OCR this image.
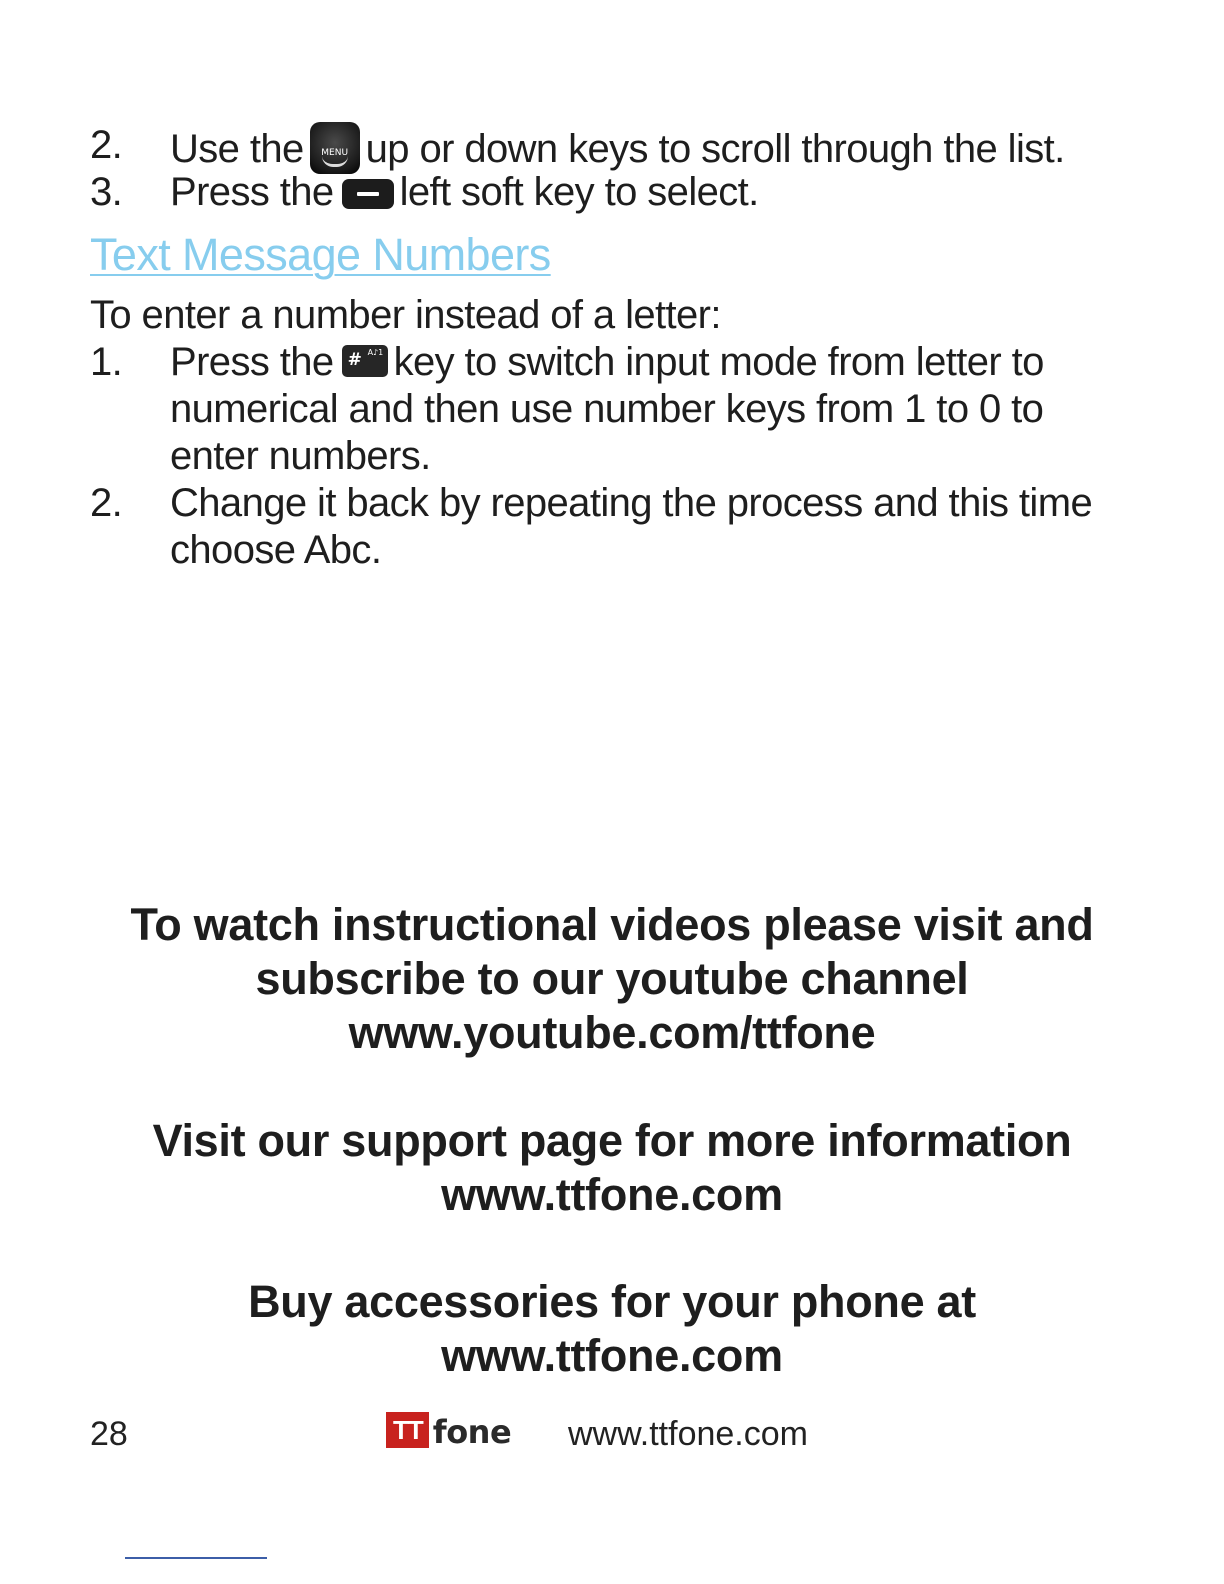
2. Use the	MENU up or down keys to scroll through the list.
3. Press the left soft key to select.
Text Message Numbers
To enter a number instead of a letter:
1. Press the # A♪1 key to switch input mode from letter to numerical and then use number keys from 1 to 0 to enter numbers.
2. Change it back by repeating the process and this time choose Abc.
To watch instructional videos please visit and
subscribe to our youtube channel
www.youtube.com/ttfone
Visit our support page for more information
www.ttfone.com
Buy accessories for your phone at
www.ttfone.com
28	TT fone www.ttfone.com
